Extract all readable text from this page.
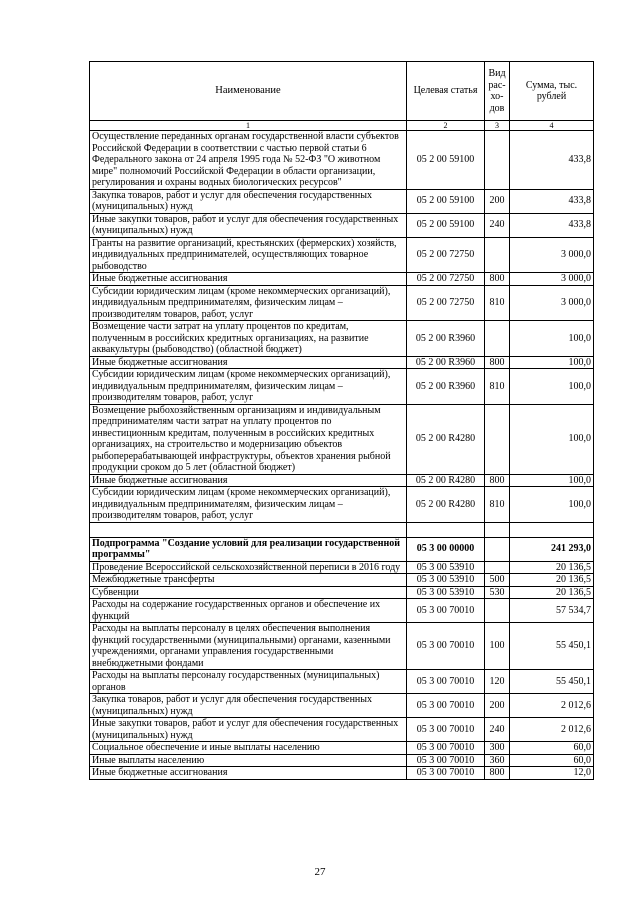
Наименование	Целевая статья	Вид рас- хо- дов	Сумма, тыс. рублей
1	2	3	4
Осуществление переданных органам государственной власти субъектов Российской Федерации в соответствии с частью первой статьи 6 Федерального закона от 24 апреля 1995 года № 52-ФЗ "О животном мире" полномочий Российской Федерации в области организации, регулирования и охраны водных биологических ресурсов"	05 2 00 59100		433,8
Закупка товаров, работ и услуг для обеспечения государственных (муниципальных) нужд	05 2 00 59100	200	433,8
Иные закупки товаров, работ и услуг для обеспечения государственных (муниципальных) нужд	05 2 00 59100	240	433,8
Гранты на развитие организаций, крестьянских (фермерских) хозяйств, индивидуальных предпринимателей, осуществляющих товарное рыбоводство	05 2 00 72750		3 000,0
Иные бюджетные ассигнования	05 2 00 72750	800	3 000,0
Субсидии юридическим лицам (кроме некоммерческих организаций), индивидуальным предпринимателям, физическим лицам – производителям товаров, работ, услуг	05 2 00 72750	810	3 000,0
Возмещение части затрат на уплату процентов по кредитам, полученным в российских кредитных организациях, на развитие аквакультуры (рыбоводство) (областной бюджет)	05 2 00 R3960		100,0
Иные бюджетные ассигнования	05 2 00 R3960	800	100,0
Субсидии юридическим лицам (кроме некоммерческих организаций), индивидуальным предпринимателям, физическим лицам – производителям товаров, работ, услуг	05 2 00 R3960	810	100,0
Возмещение рыбохозяйственным организациям и индивидуальным предпринимателям части затрат на уплату процентов по инвестиционным кредитам, полученным в российских кредитных организациях, на строительство и модернизацию объектов рыбоперерабатывающей инфраструктуры, объектов хранения рыбной продукции сроком до 5 лет (областной бюджет)	05 2 00 R4280		100,0
Иные бюджетные ассигнования	05 2 00 R4280	800	100,0
Субсидии юридическим лицам (кроме некоммерческих организаций), индивидуальным предпринимателям, физическим лицам – производителям товаров, работ, услуг	05 2 00 R4280	810	100,0

Подпрограмма "Создание условий для реализации государственной программы"	05 3 00 00000		241 293,0
Проведение Всероссийской сельскохозяйственной переписи в 2016 году	05 3 00 53910		20 136,5
Межбюджетные трансферты	05 3 00 53910	500	20 136,5
Субвенции	05 3 00 53910	530	20 136,5
Расходы на содержание государственных органов и обеспечение их функций	05 3 00 70010		57 534,7
Расходы на выплаты персоналу в целях обеспечения выполнения функций государственными (муниципальными) органами, казенными учреждениями, органами управления государственными внебюджетными фондами	05 3 00 70010	100	55 450,1
Расходы на выплаты персоналу государственных (муниципальных) органов	05 3 00 70010	120	55 450,1
Закупка товаров, работ и услуг для обеспечения государственных (муниципальных) нужд	05 3 00 70010	200	2 012,6
Иные закупки товаров, работ и услуг для обеспечения государственных (муниципальных) нужд	05 3 00 70010	240	2 012,6
Социальное обеспечение и иные выплаты населению	05 3 00 70010	300	60,0
Иные выплаты населению	05 3 00 70010	360	60,0
Иные бюджетные ассигнования	05 3 00 70010	800	12,0
27
